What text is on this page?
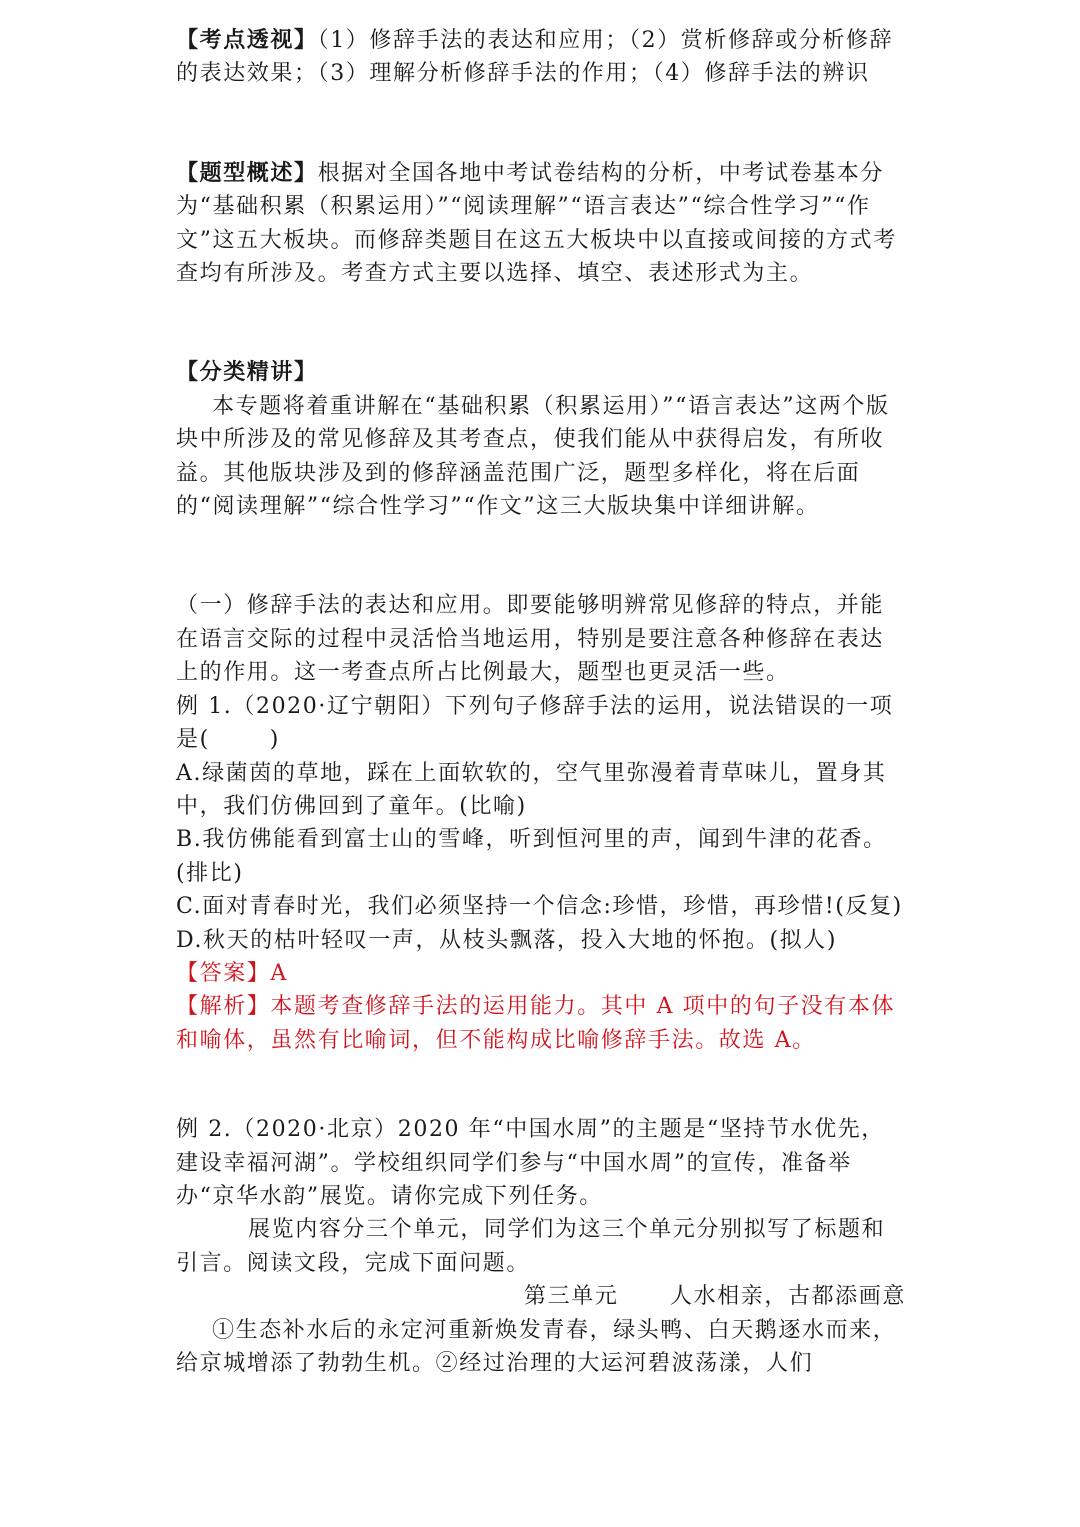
【考点透视】（1）修辞手法的表达和应用；（2）赏析修辞或分析修辞的表达效果；（3）理解分析修辞手法的作用；（4）修辞手法的辨识

【题型概述】根据对全国各地中考试卷结构的分析，中考试卷基本分为“基础积累（积累运用）”“阅读理解”“语言表达”“综合性学习”“作文”这五大板块。而修辞类题目在这五大板块中以直接或间接的方式考查均有所涉及。考查方式主要以选择、填空、表述形式为主。

【分类精讲】

本专题将着重讲解在“基础积累（积累运用）”“语言表达”这两个版块中所涉及的常见修辞及其考查点，使我们能从中获得启发，有所收益。其他版块涉及到的修辞涵盖范围广泛，题型多样化，将在后面的“阅读理解”“综合性学习”“作文”这三大版块集中详细讲解。

（一）修辞手法的表达和应用。即要能够明辨常见修辞的特点，并能在语言交际的过程中灵活恰当地运用，特别是要注意各种修辞在表达上的作用。这一考查点所占比例最大，题型也更灵活一些。

例 1.（2020·辽宁朝阳）下列句子修辞手法的运用，说法错误的一项是(	)

A.绿菌茵的草地，踩在上面软软的，空气里弥漫着青草味儿，置身其中，我们仿佛回到了童年。(比喻)

B.我仿佛能看到富士山的雪峰，听到恒河里的声，闻到牛津的花香。(排比)

C.面对青春时光，我们必须坚持一个信念:珍惜，珍惜，再珍惜!(反复)

D.秋天的枯叶轻叹一声，从枝头飘落，投入大地的怀抱。(拟人)

【答案】A

【解析】本题考查修辞手法的运用能力。其中 A 项中的句子没有本体和喻体，虽然有比喻词，但不能构成比喻修辞手法。故选 A。

例 2.（2020·北京）2020 年“中国水周”的主题是“坚持节水优先，建设幸福河湖”。学校组织同学们参与“中国水周”的宣传，准备举办“京华水韵”展览。请你完成下列任务。

展览内容分三个单元，同学们为这三个单元分别拟写了标题和引言。阅读文段，完成下面问题。

第三单元 人水相亲，古都添画意

①生态补水后的永定河重新焕发青春，绿头鸭、白天鹅逐水而来，给京城增添了勃勃生机。②经过治理的大运河碧波荡漾，人们
